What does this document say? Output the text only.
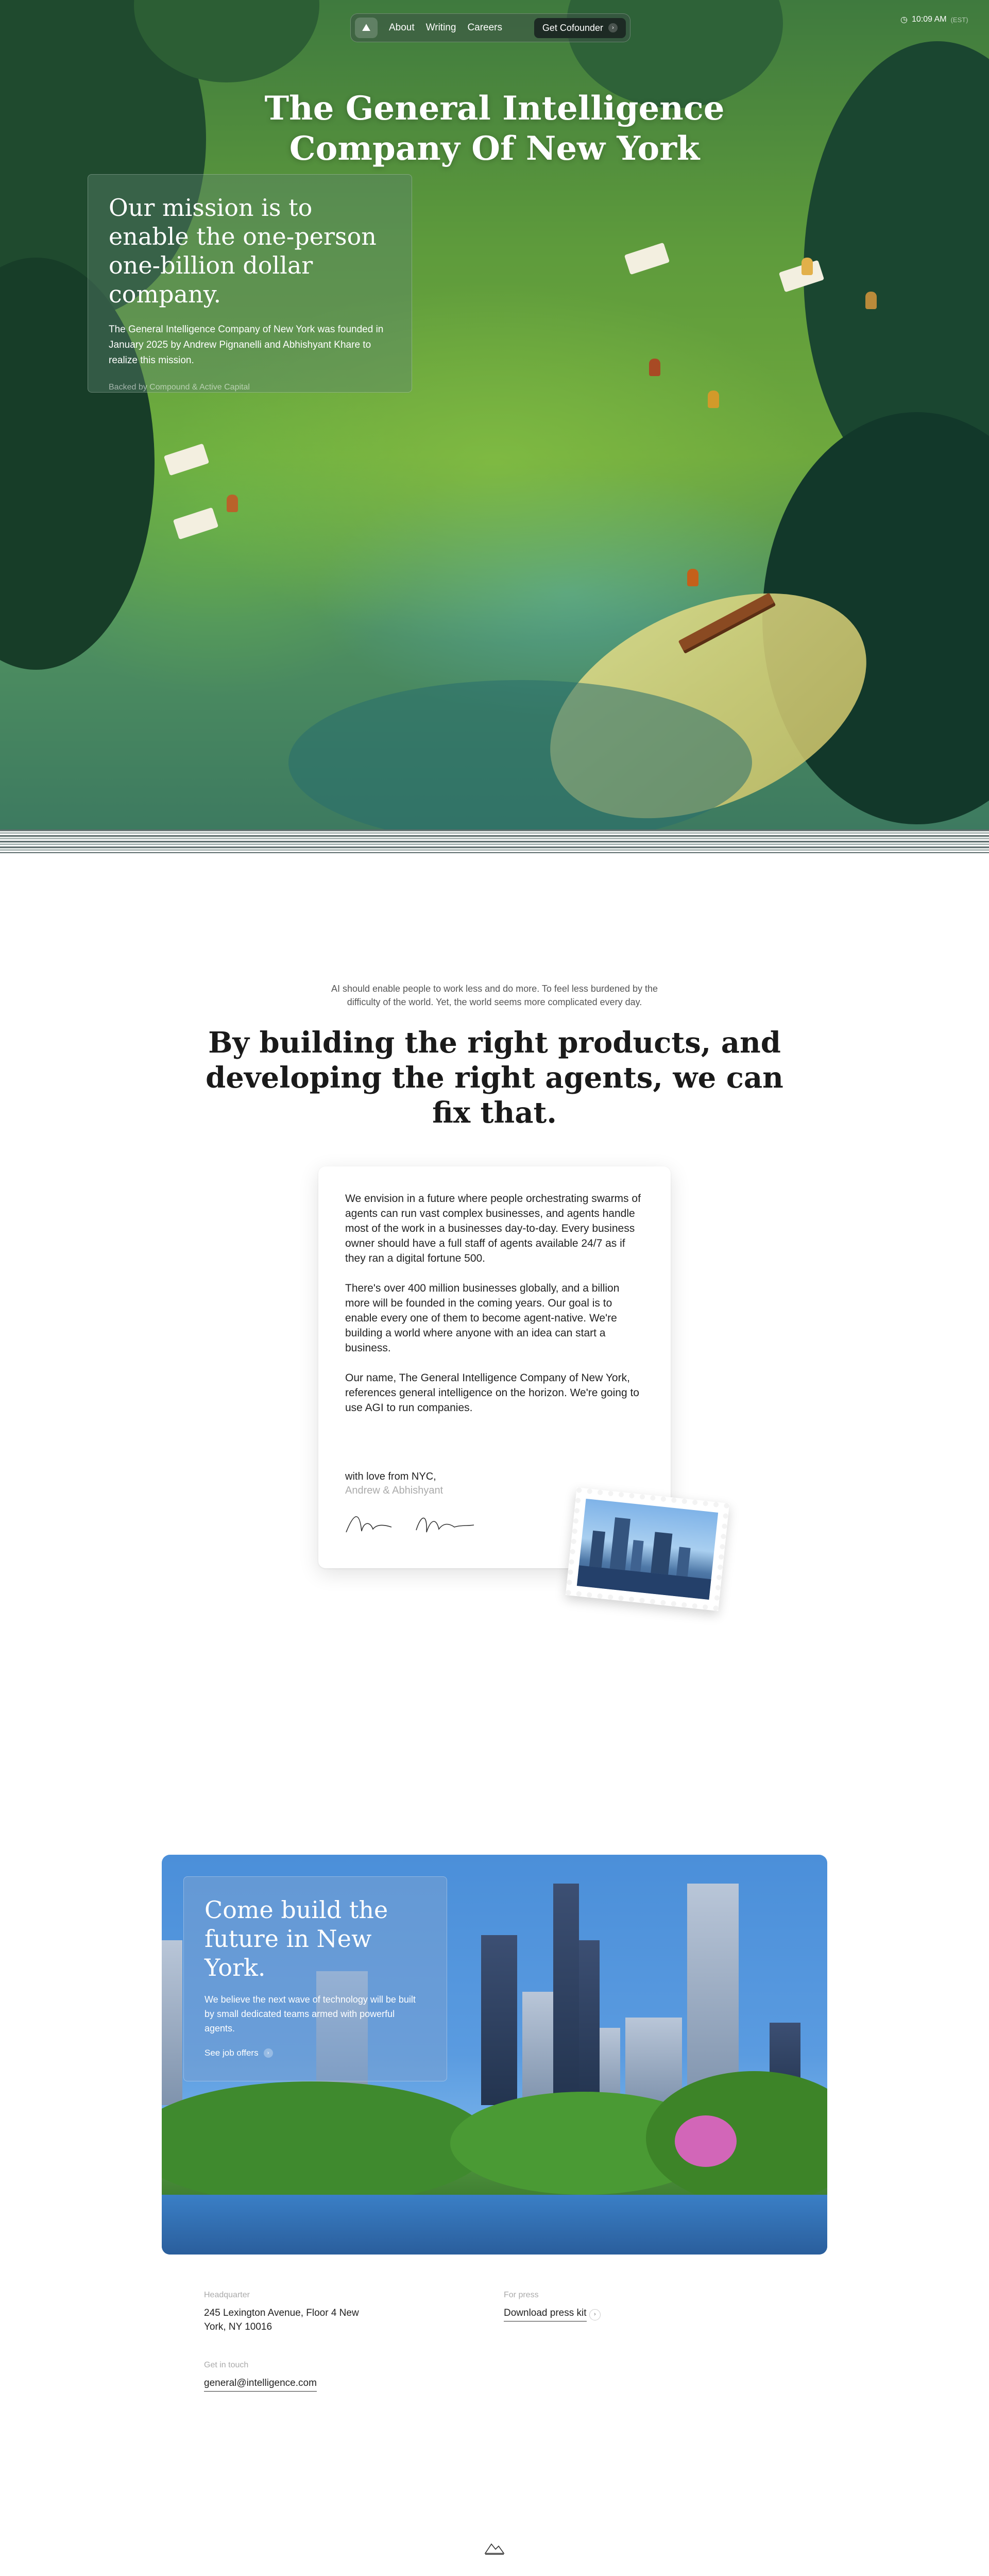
⛰	About Writing Careers	Get Cofounder	›
◷ 10:09 AM (EST)
The General Intelligence Company Of New York
Our mission is to enable the one-person one-billion dollar company.

The General Intelligence Company of New York was founded in January 2025 by Andrew Pignanelli and Abhishyant Khare to realize this mission.

Backed by Compound & Active Capital

AI should enable people to work less and do more. To feel less burdened by the difficulty of the world. Yet, the world seems more complicated every day.

By building the right products, and developing the right agents, we can fix that.

We envision in a future where people orchestrating swarms of agents can run vast complex businesses, and agents handle most of the work in a businesses day-to-day. Every business owner should have a full staff of agents available 24/7 as if they ran a digital fortune 500.

There's over 400 million businesses globally, and a billion more will be founded in the coming years. Our goal is to enable every one of them to become agent-native. We're building a world where anyone with an idea can start a business.

Our name, The General Intelligence Company of New York, references general intelligence on the horizon. We're going to use AGI to run companies.

with love from NYC,
Andrew & Abhishyant
Come build the future in New York.

We believe the next wave of technology will be built by small dedicated teams armed with powerful agents.

See job offers	›
Headquarter
245 Lexington Avenue, Floor 4 New York, NY 10016
For press
Download press kit ›
Get in touch
general@intelligence.com
